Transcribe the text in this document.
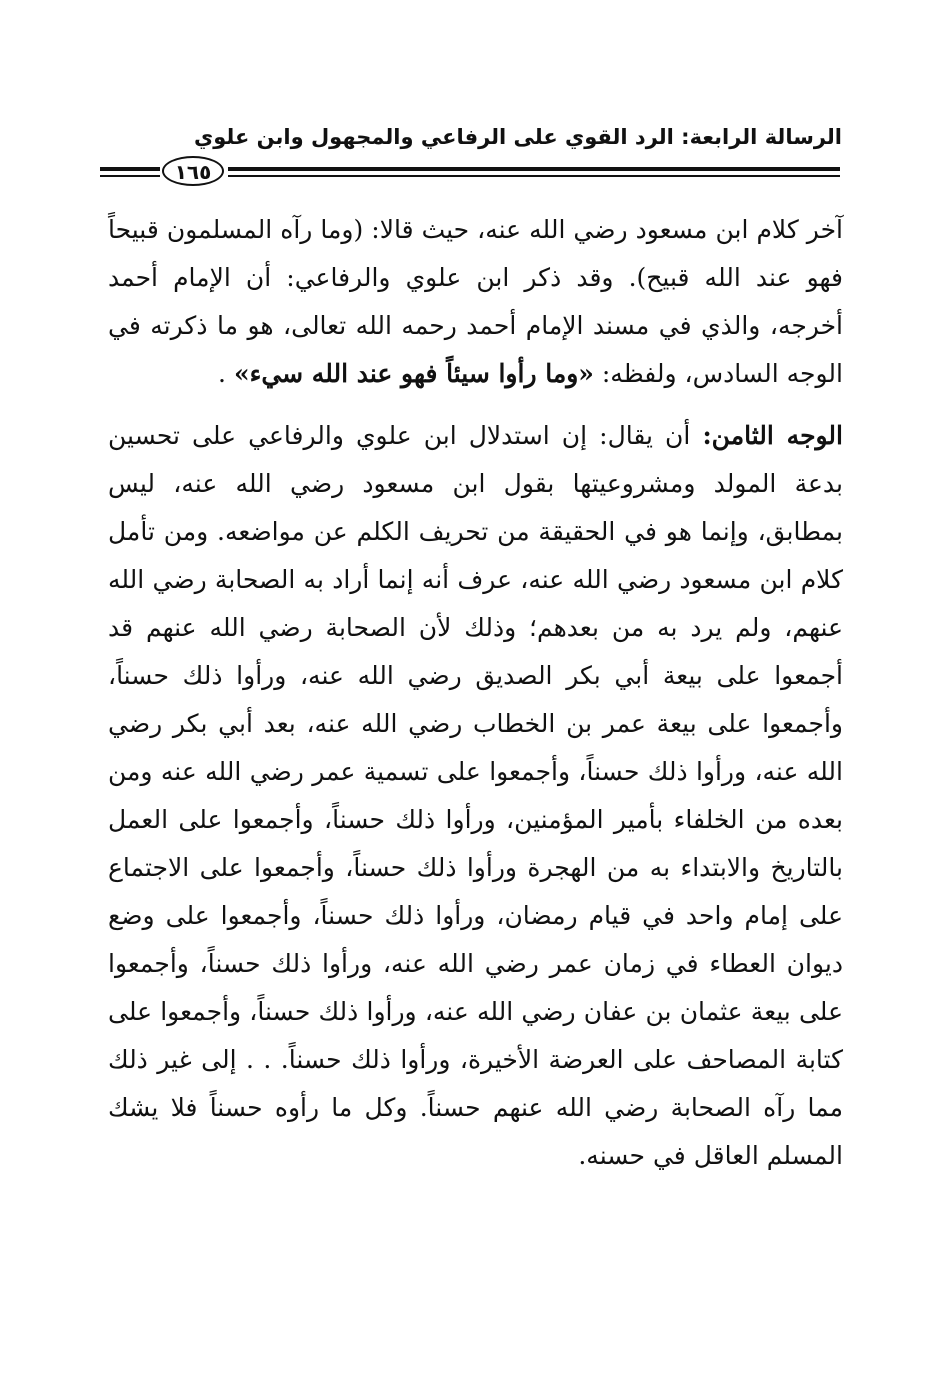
الرسالة الرابعة: الرد القوي على الرفاعي والمجهول وابن علوي
١٦٥

آخر كلام ابن مسعود رضي الله عنه، حيث قالا: (وما رآه المسلمون قبيحاً فهو عند الله قبيح). وقد ذكر ابن علوي والرفاعي: أن الإمام أحمد أخرجه، والذي في مسند الإمام أحمد رحمه الله تعالى، هو ما ذكرته في الوجه السادس، ولفظه: «وما رأوا سيئاً فهو عند الله سيء» .

الوجه الثامن: أن يقال: إن استدلال ابن علوي والرفاعي على تحسين بدعة المولد ومشروعيتها بقول ابن مسعود رضي الله عنه، ليس بمطابق، وإنما هو في الحقيقة من تحريف الكلم عن مواضعه. ومن تأمل كلام ابن مسعود رضي الله عنه، عرف أنه إنما أراد به الصحابة رضي الله عنهم، ولم يرد به من بعدهم؛ وذلك لأن الصحابة رضي الله عنهم قد أجمعوا على بيعة أبي بكر الصديق رضي الله عنه، ورأوا ذلك حسناً، وأجمعوا على بيعة عمر بن الخطاب رضي الله عنه، بعد أبي بكر رضي الله عنه، ورأوا ذلك حسناً، وأجمعوا على تسمية عمر رضي الله عنه ومن بعده من الخلفاء بأمير المؤمنين، ورأوا ذلك حسناً، وأجمعوا على العمل بالتاريخ والابتداء به من الهجرة ورأوا ذلك حسناً، وأجمعوا على الاجتماع على إمام واحد في قيام رمضان، ورأوا ذلك حسناً، وأجمعوا على وضع ديوان العطاء في زمان عمر رضي الله عنه، ورأوا ذلك حسناً، وأجمعوا على بيعة عثمان بن عفان رضي الله عنه، ورأوا ذلك حسناً، وأجمعوا على كتابة المصاحف على العرضة الأخيرة، ورأوا ذلك حسناً. . . إلى غير ذلك مما رآه الصحابة رضي الله عنهم حسناً. وكل ما رأوه حسناً فلا يشك المسلم العاقل في حسنه.
